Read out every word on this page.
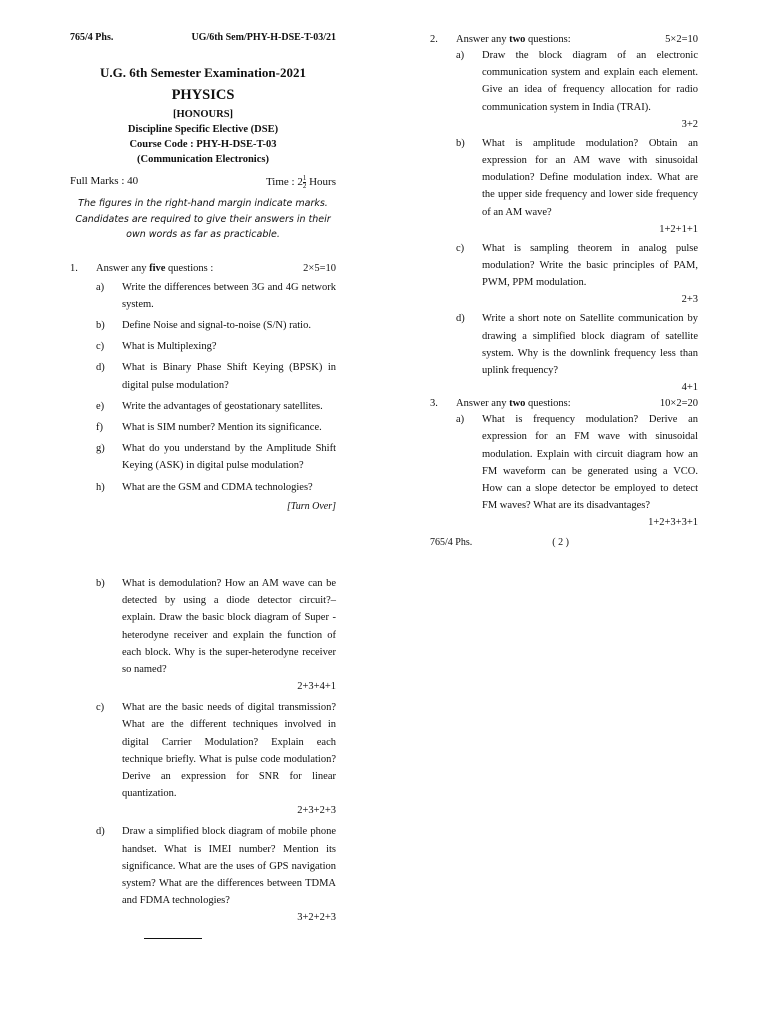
765/4 Phs.	UG/6th Sem/PHY-H-DSE-T-03/21
U.G. 6th Semester Examination-2021
PHYSICS
[HONOURS]
Discipline Specific Elective (DSE)
Course Code : PHY-H-DSE-T-03
(Communication Electronics)
Full Marks : 40	Time : $2 \frac{1}{2}$ Hours
The figures in the right-hand margin indicate marks. Candidates are required to give their answers in their own words as far as practicable.
1.	Answer any five questions :	2×5=10
a)	Write the differences between 3G and 4G network system.
b)	Define Noise and signal-to-noise (S/N) ratio.
c)	What is Multiplexing?
d)	What is Binary Phase Shift Keying (BPSK) in digital pulse modulation?
e)	Write the advantages of geostationary satellites.
f)	What is SIM number? Mention its significance.
g)	What do you understand by the Amplitude Shift Keying (ASK) in digital pulse modulation?
h)	What are the GSM and CDMA technologies?
[Turn Over]
2.	Answer any two questions:	5×2=10
a)	Draw the block diagram of an electronic communication system and explain each element. Give an idea of frequency allocation for radio communication system in India (TRAI).
3+2
b)	What is amplitude modulation? Obtain an expression for an AM wave with sinusoidal modulation? Define modulation index. What are the upper side frequency and lower side frequency of an AM wave?
1+2+1+1
c)	What is sampling theorem in analog pulse modulation? Write the basic principles of PAM, PWM, PPM modulation.
2+3
d)	Write a short note on Satellite communication by drawing a simplified block diagram of satellite system. Why is the downlink frequency less than uplink frequency?
4+1
3.	Answer any two questions:	10×2=20
a)	What is frequency modulation? Derive an expression for an FM wave with sinusoidal modulation. Explain with circuit diagram how an FM waveform can be generated using a VCO. How can a slope detector be employed to detect FM waves? What are its disadvantages?
1+2+3+3+1
765/4 Phs.	( 2 )
b)	What is demodulation? How an AM wave can be detected by using a diode detector circuit?– explain. Draw the basic block diagram of Super -heterodyne receiver and explain the function of each block. Why is the super-heterodyne receiver so named?
2+3+4+1
c)	What are the basic needs of digital transmission? What are the different techniques involved in digital Carrier Modulation? Explain each technique briefly. What is pulse code modulation? Derive an expression for SNR for linear quantization.
2+3+2+3
d)	Draw a simplified block diagram of mobile phone handset. What is IMEI number? Mention its significance. What are the uses of GPS navigation system? What are the differences between TDMA and FDMA technologies?
3+2+2+3
